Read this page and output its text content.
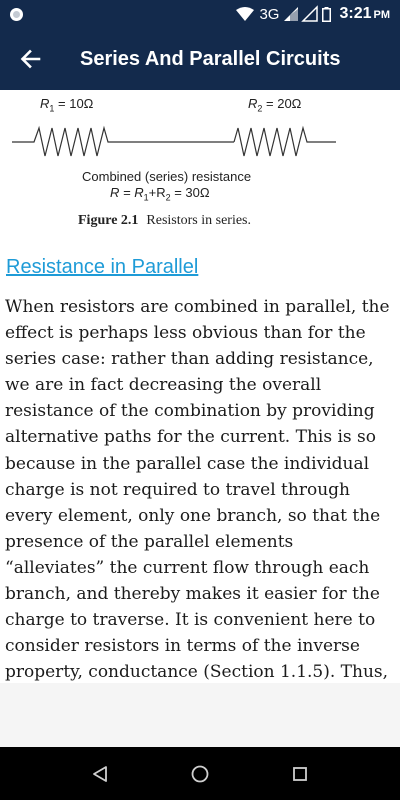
3G	3:21 PM
Series And Parallel Circuits
$R_1 = 10\Omega$	$R_2 = 20\Omega$
Combined (series) resistance
$R = R_1+R_2 = 30\Omega$
Figure 2.1 Resistors in series.
Resistance in Parallel
When resistors are combined in parallel, the effect is perhaps less obvious than for the series case: rather than adding resistance, we are in fact decreasing the overall resistance of the combination by providing alternative paths for the current. This is so because in the parallel case the individual charge is not required to travel through every element, only one branch, so that the presence of the parallel elements “alleviates” the current flow through each branch, and thereby makes it easier for the charge to traverse. It is convenient here to consider resistors in terms of the inverse property, conductance (Section 1.1.5). Thus,
